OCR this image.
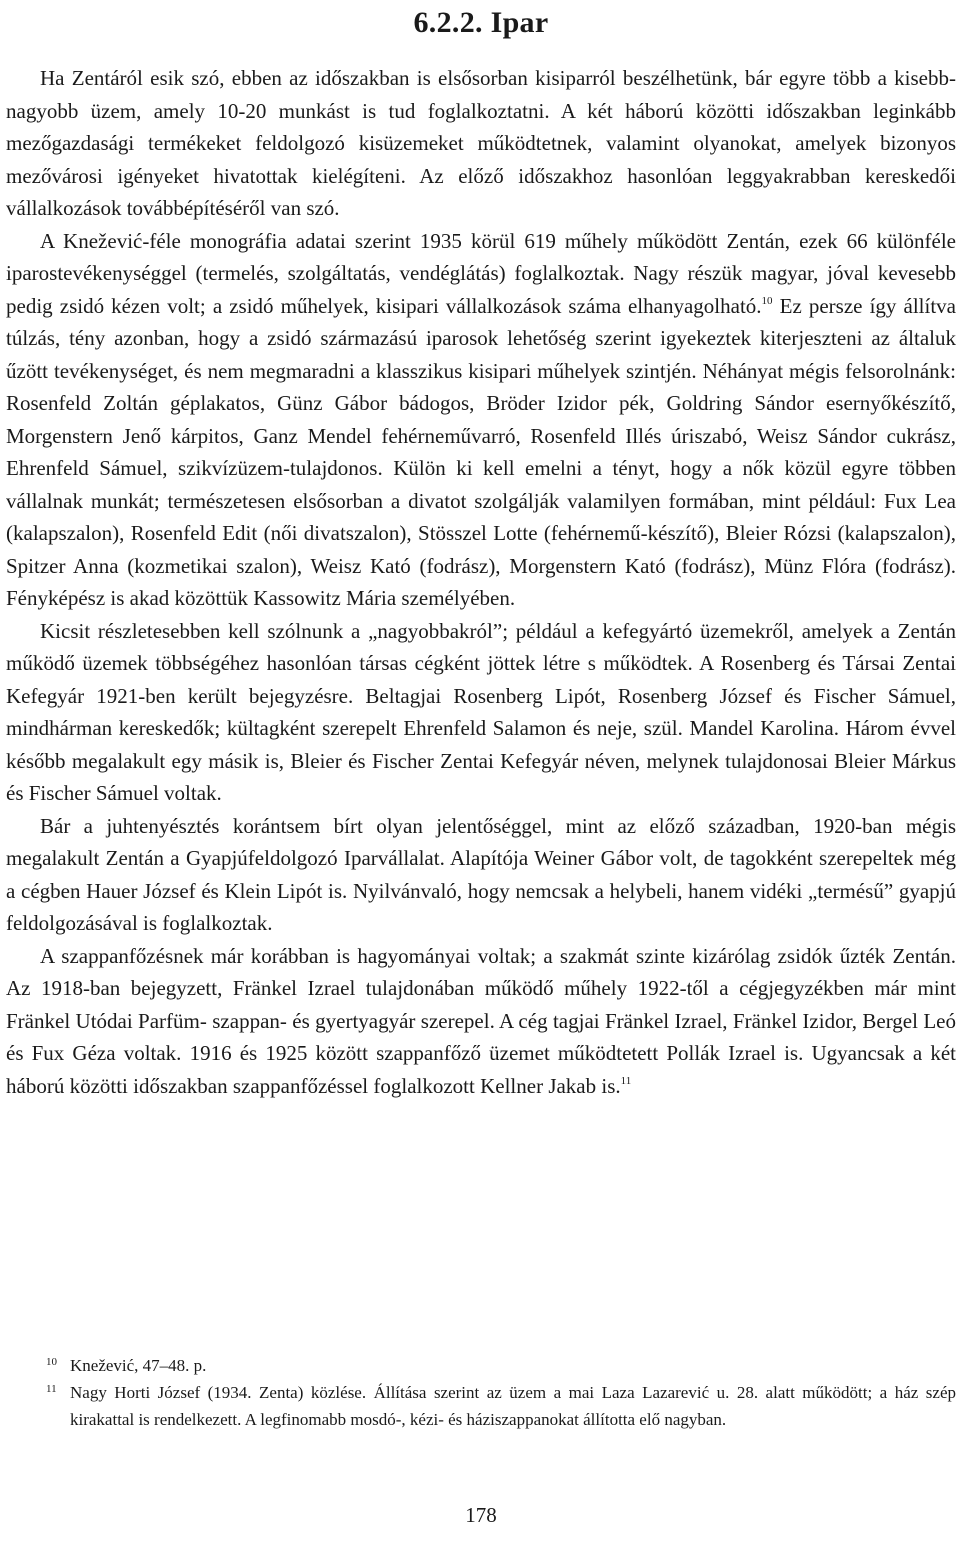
6.2.2. Ipar

Ha Zentáról esik szó, ebben az időszakban is elsősorban kisiparról beszélhetünk, bár egyre több a kisebb-nagyobb üzem, amely 10-20 munkást is tud foglalkoztatni. A két háború közötti időszakban leginkább mezőgazdasági termékeket feldolgozó kisüzemeket működtetnek, valamint olyanokat, amelyek bizonyos mezővárosi igényeket hivatottak kielégíteni. Az előző időszakhoz hasonlóan leggyakrabban kereskedői vállalkozások továbbépítéséről van szó.

A Knežević-féle monográfia adatai szerint 1935 körül 619 műhely működött Zentán, ezek 66 különféle iparostevékenységgel (termelés, szolgáltatás, vendéglátás) foglalkoztak. Nagy részük magyar, jóval kevesebb pedig zsidó kézen volt; a zsidó műhelyek, kisipari vállalkozások száma elhanyagolható.$^{10}$ Ez persze így állítva túlzás, tény azonban, hogy a zsidó származású iparosok lehetőség szerint igyekeztek kiterjeszteni az általuk űzött tevékenységet, és nem megmaradni a klasszikus kisipari műhelyek szintjén. Néhányat mégis felsorolnánk: Rosenfeld Zoltán géplakatos, Günz Gábor bádogos, Bröder Izidor pék, Goldring Sándor esernyőkészítő, Morgenstern Jenő kárpitos, Ganz Mendel fehérneművarró, Rosenfeld Illés úriszabó, Weisz Sándor cukrász, Ehrenfeld Sámuel, szikvízüzem-tulajdonos. Külön ki kell emelni a tényt, hogy a nők közül egyre többen vállalnak munkát; természetesen elsősorban a divatot szolgálják valamilyen formában, mint például: Fux Lea (kalapszalon), Rosenfeld Edit (női divatszalon), Stösszel Lotte (fehérnemű-készítő), Bleier Rózsi (kalapszalon), Spitzer Anna (kozmetikai szalon), Weisz Kató (fodrász), Morgenstern Kató (fodrász), Münz Flóra (fodrász). Fényképész is akad közöttük Kassowitz Mária személyében.

Kicsit részletesebben kell szólnunk a „nagyobbakról”; például a kefegyártó üzemekről, amelyek a Zentán működő üzemek többségéhez hasonlóan társas cégként jöttek létre s működtek. A Rosenberg és Társai Zentai Kefegyár 1921-ben került bejegyzésre. Beltagjai Rosenberg Lipót, Rosenberg József és Fischer Sámuel, mindhárman kereskedők; kültagként szerepelt Ehrenfeld Salamon és neje, szül. Mandel Karolina. Három évvel később megalakult egy másik is, Bleier és Fischer Zentai Kefegyár néven, melynek tulajdonosai Bleier Márkus és Fischer Sámuel voltak.

Bár a juhtenyésztés korántsem bírt olyan jelentőséggel, mint az előző században, 1920-ban mégis megalakult Zentán a Gyapjúfeldolgozó Iparvállalat. Alapítója Weiner Gábor volt, de tagokként szerepeltek még a cégben Hauer József és Klein Lipót is. Nyilvánvaló, hogy nemcsak a helybeli, hanem vidéki „termésű” gyapjú feldolgozásával is foglalkoztak.

A szappanfőzésnek már korábban is hagyományai voltak; a szakmát szinte kizárólag zsidók űzték Zentán. Az 1918-ban bejegyzett, Fränkel Izrael tulajdonában működő műhely 1922-től a cégjegyzékben már mint Fränkel Utódai Parfüm- szappan- és gyertyagyár szerepel. A cég tagjai Fränkel Izrael, Fränkel Izidor, Bergel Leó és Fux Géza voltak. 1916 és 1925 között szappanfőző üzemet működtetett Pollák Izrael is. Ugyancsak a két háború közötti időszakban szappanfőzéssel foglalkozott Kellner Jakab is.$^{11}$

10 Knežević, 47–48. p.

11 Nagy Horti József (1934. Zenta) közlése. Állítása szerint az üzem a mai Laza Lazarević u. 28. alatt működött; a ház szép kirakattal is rendelkezett. A legfinomabb mosdó-, kézi- és háziszappanokat állította elő nagyban.

178
